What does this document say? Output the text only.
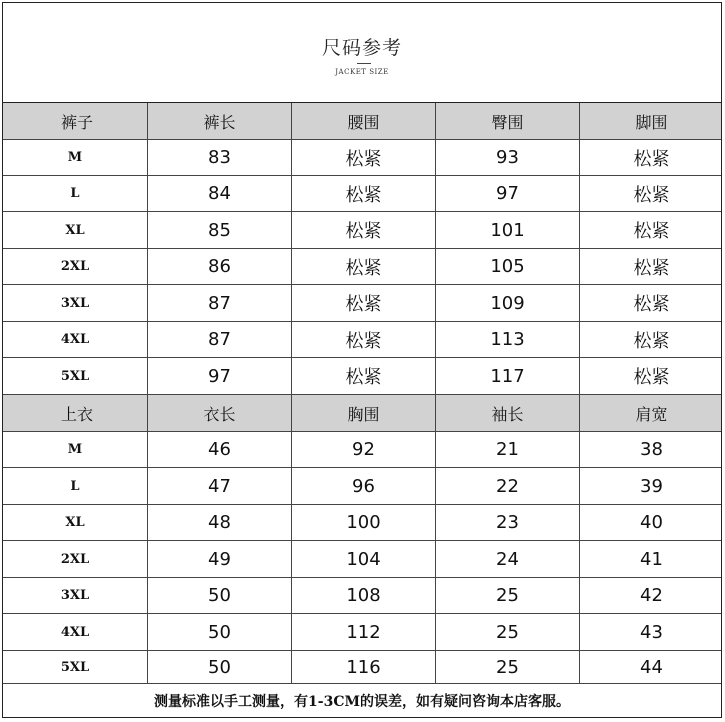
尺码参考
JACKET SIZE
裤子	裤长	腰围	臀围	脚围
M	83	松紧	93	松紧
L	84	松紧	97	松紧
XL	85	松紧	101	松紧
2XL	86	松紧	105	松紧
3XL	87	松紧	109	松紧
4XL	87	松紧	113	松紧
5XL	97	松紧	117	松紧
上衣	衣长	胸围	袖长	肩宽
M	46	92	21	38
L	47	96	22	39
XL	48	100	23	40
2XL	49	104	24	41
3XL	50	108	25	42
4XL	50	112	25	43
5XL	50	116	25	44
测量标准以手工测量，有1-3CM的误差，如有疑问咨询本店客服。
